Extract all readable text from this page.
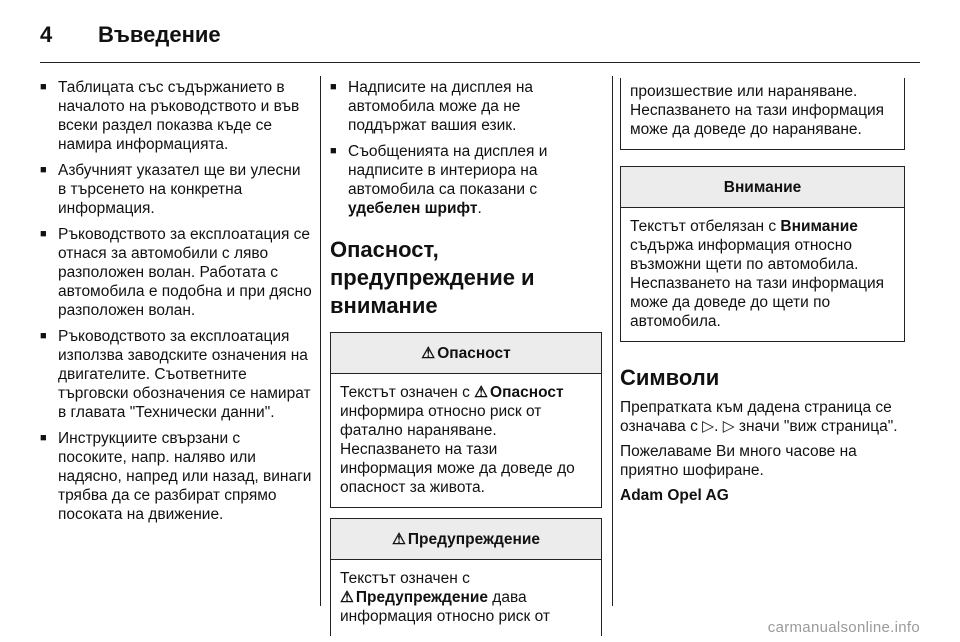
4	Въведение
■ Таблицата със съдържанието в началото на ръководството и във всеки раздел показва къде се намира информацията.
■ Азбучният указател ще ви улесни в търсенето на конкретна информация.
■ Ръководството за експлоатация се отнася за автомобили с ляво разположен волан. Работата с автомобила е подобна и при дясно разположен волан.
■ Ръководството за експлоатация използва заводските означения на двигателите. Съответните търговски обозначения се намират в главата "Технически данни".
■ Инструкциите свързани с посоките, напр. наляво или надясно, напред или назад, винаги трябва да се разбират спрямо посоката на движение.
■ Надписите на дисплея на автомобила може да не поддържат вашия език.
■ Съобщенията на дисплея и надписите в интериора на автомобила са показани с удебелен шрифт.
Опасност, предупреждение и внимание
⚠ Опасност
Текстът означен с ⚠ Опасност информира относно риск от фатално нараняване. Неспазването на тази информация може да доведе до опасност за живота.
⚠ Предупреждение
Текстът означен с
⚠ Предупреждение дава информация относно риск от
произшествие или нараняване. Неспазването на тази информация може да доведе до нараняване.
Внимание
Текстът отбелязан с Внимание съдържа информация относно възможни щети по автомобила. Неспазването на тази информация може да доведе до щети по автомобила.
Символи

Препратката към дадена страница се означава с ▷. ▷ значи "виж страница".

Пожелаваме Ви много часове на приятно шофиране.

Adam Opel AG

carmanualsonline.info
